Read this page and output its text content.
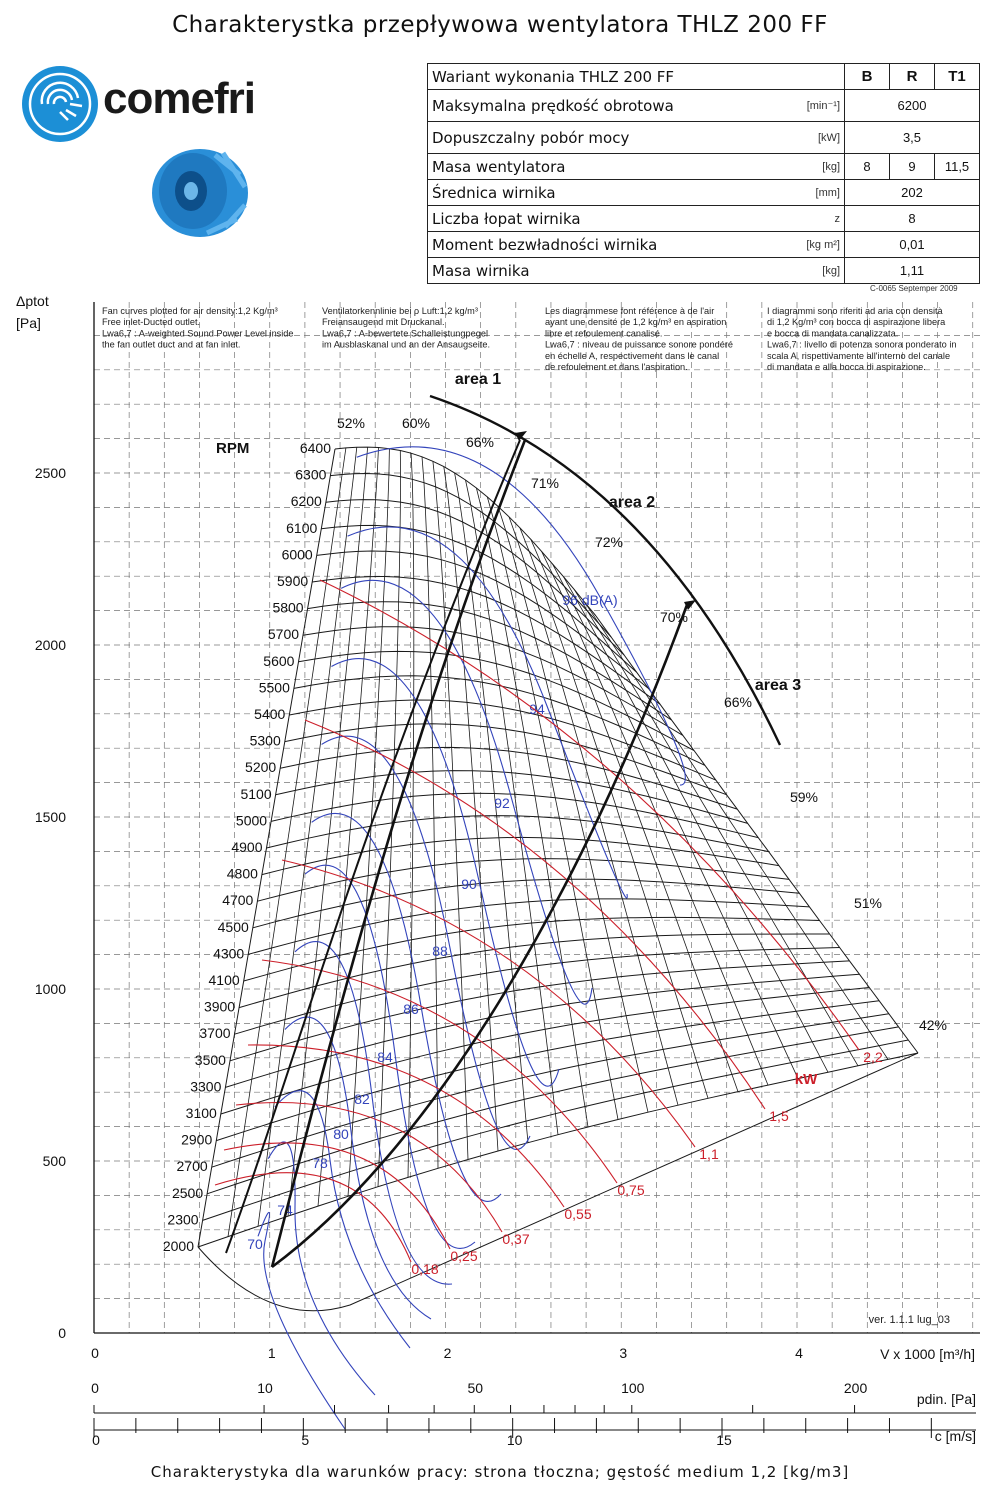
Charakterystka przepływowa wentylatora THLZ 200 FF
comefri	Wariant wykonania THLZ 200 FF		B	R	T1
Maksymalna prędkość obrotowa	[min⁻¹]	6200		
Dopuszczalny pobór mocy	[kW]	3,5		
Masa wentylatora	[kg]	8	9	11,5
Średnica wirnika	[mm]	202		
Liczba łopat wirnika	z	8		
Moment bezwładności wirnika	[kg m²]	0,01		
Masa wirnika	[kg]	1,11		
C-0065 Septemper 2009
0
500
1000
1500
2000
2500
0	1	2	3	4
Δptot
[Pa]
V x 1000 [m³/h]
Fan curves plotted for air density:1,2 Kg/m³
Free inlet-Ducted outlet.
Lwa6,7 : A-weighted Sound Power Level inside
the fan outlet duct and at fan inlet.
Ventilatorkennlinie bei ρ Luft:1,2 kg/m³
Freiansaugend mit Druckanal.
Lwa6,7 : A-bewertete Schalleistungpegel
im Ausblaskanal und an der Ansaugseite.
Les diagrammese font référence à de l'air
ayant une densité de 1,2 kg/m³ en aspiration
libre et refoulement canalisé.
Lwa6,7 : niveau de puissance sonore pondéré
en échelle A, respectivement dans le canal
de refoulement et dans l'aspiration.
I diagrammi sono riferiti ad aria con densità
di 1,2 Kg/m³ con bocca di aspirazione libera
e bocca di mandata canalizzata.
Lwa6,7 : livello di potenza sonora ponderato in
scala A, rispettivamente all'interno del canale
di mandata e alla bocca di aspirazione.
6400
6300
6200
6100
6000
5900
5800
5700
5600
5500
5400
5300
5200
5100
5000
4900
4800
4700
4500
4300
4100
3900
3700
3500
3300
3100
2900
2700
2500
2300
2000
RPM
96 dB(A)
94
92
90
88
86
84
82
80
78
74
70
2,2
1,5
1,1
0,75
0,55
0,37
0,25
0,18
kW
52%	60%
66%
71%
72%
70%
66%
59%
51%
42%
area 1
area 2
area 3
ver. 1.1.1 lug_03
0	10	50	100	200
pdin. [Pa]
0	5	10	15	c [m/s]
Charakterystyka dla warunków pracy: strona tłoczna; gęstość medium 1,2 [kg/m3]
